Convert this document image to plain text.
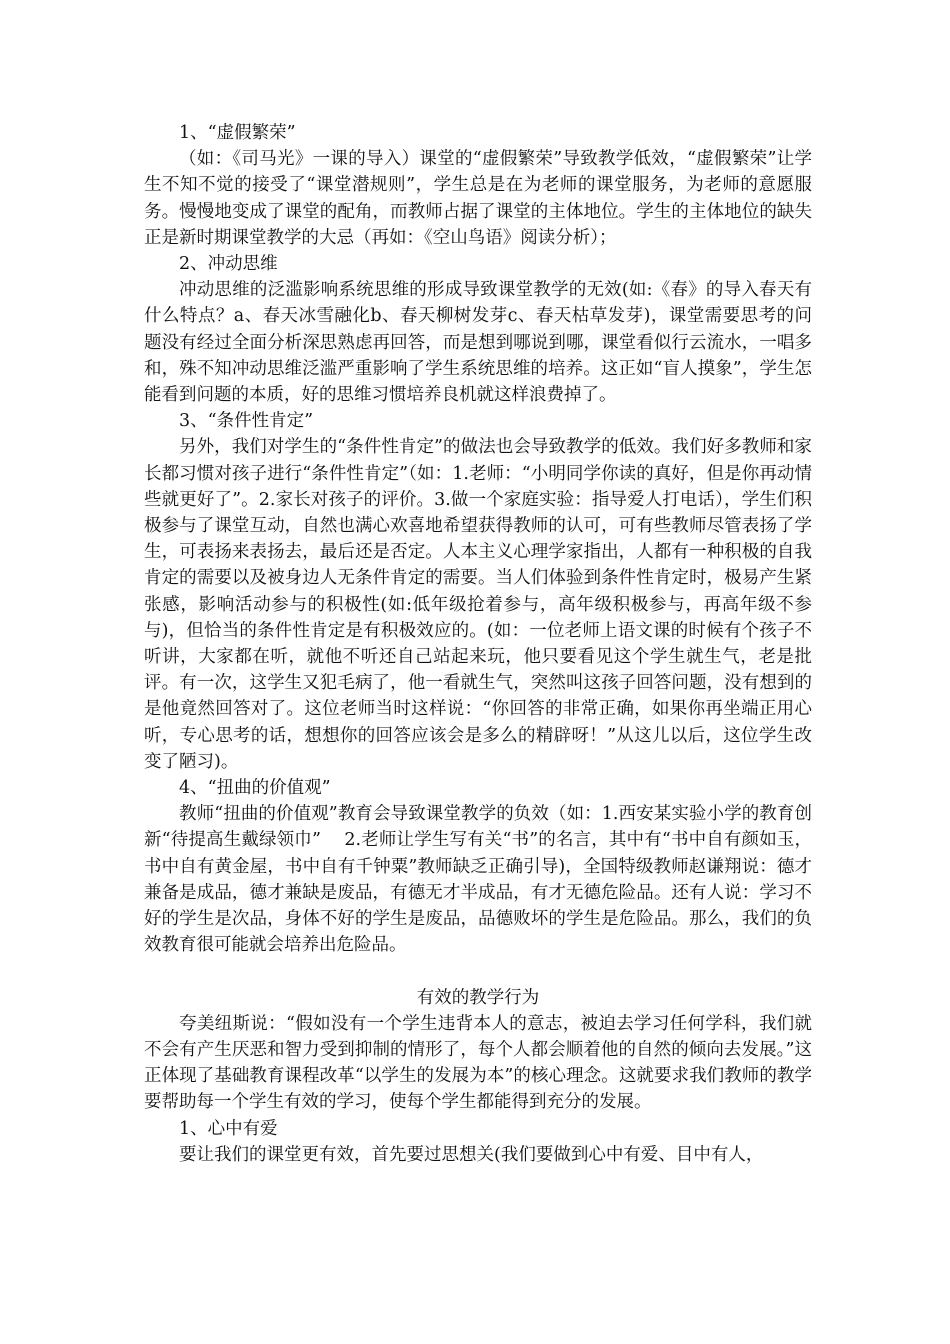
1、“虚假繁荣”

（如：《司马光》一课的导入）课堂的“虚假繁荣”导致教学低效，“虚假繁荣”让学生不知不觉的接受了“课堂潜规则”，学生总是在为老师的课堂服务，为老师的意愿服务。慢慢地变成了课堂的配角，而教师占据了课堂的主体地位。学生的主体地位的缺失正是新时期课堂教学的大忌（再如：《空山鸟语》阅读分析）；

2、冲动思维

冲动思维的泛滥影响系统思维的形成导致课堂教学的无效(如:《春》的导入春天有什么特点？a、春天冰雪融化b、春天柳树发芽c、春天枯草发芽)，课堂需要思考的问题没有经过全面分析深思熟虑再回答，而是想到哪说到哪，课堂看似行云流水，一唱多和，殊不知冲动思维泛滥严重影响了学生系统思维的培养。这正如“盲人摸象”，学生怎能看到问题的本质，好的思维习惯培养良机就这样浪费掉了。

3、“条件性肯定”

另外，我们对学生的“条件性肯定”的做法也会导致教学的低效。我们好多教师和家长都习惯对孩子进行“条件性肯定”（如：1.老师：“小明同学你读的真好，但是你再动情些就更好了”。2.家长对孩子的评价。3.做一个家庭实验：指导爱人打电话），学生们积极参与了课堂互动，自然也满心欢喜地希望获得教师的认可，可有些教师尽管表扬了学生，可表扬来表扬去，最后还是否定。人本主义心理学家指出，人都有一种积极的自我肯定的需要以及被身边人无条件肯定的需要。当人们体验到条件性肯定时，极易产生紧张感，影响活动参与的积极性(如:低年级抢着参与，高年级积极参与，再高年级不参与)，但恰当的条件性肯定是有积极效应的。(如：一位老师上语文课的时候有个孩子不听讲，大家都在听，就他不听还自己站起来玩，他只要看见这个学生就生气，老是批评。有一次，这学生又犯毛病了，他一看就生气，突然叫这孩子回答问题，没有想到的是他竟然回答对了。这位老师当时这样说：“你回答的非常正确，如果你再坐端正用心听，专心思考的话，想想你的回答应该会是多么的精辟呀！”从这儿以后，这位学生改变了陋习)。

4、“扭曲的价值观”

教师“扭曲的价值观”教育会导致课堂教学的负效（如：1.西安某实验小学的教育创新“待提高生戴绿领巾”　 2.老师让学生写有关“书”的名言，其中有“书中自有颜如玉，书中自有黄金屋，书中自有千钟粟”教师缺乏正确引导)，全国特级教师赵谦翔说：德才兼备是成品，德才兼缺是废品，有德无才半成品，有才无德危险品。还有人说：学习不好的学生是次品，身体不好的学生是废品，品德败坏的学生是危险品。那么，我们的负效教育很可能就会培养出危险品。

有效的教学行为

夸美纽斯说：“假如没有一个学生违背本人的意志，被迫去学习任何学科，我们就不会有产生厌恶和智力受到抑制的情形了，每个人都会顺着他的自然的倾向去发展。”这正体现了基础教育课程改革“以学生的发展为本”的核心理念。这就要求我们教师的教学要帮助每一个学生有效的学习，使每个学生都能得到充分的发展。

1、心中有爱

要让我们的课堂更有效，首先要过思想关(我们要做到心中有爱、目中有人，
